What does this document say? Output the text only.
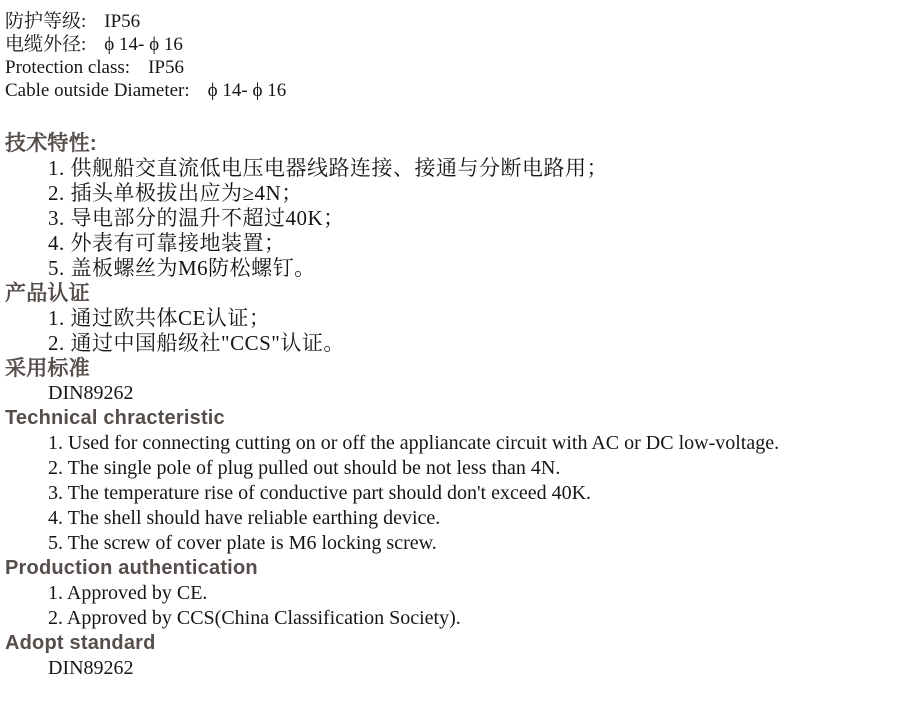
防护等级: IP56
电缆外径: ϕ 14- ϕ 16
Protection class: IP56
Cable outside Diameter: ϕ 14- ϕ 16
技术特性:
1. 供舰船交直流低电压电器线路连接、接通与分断电路用；
2. 插头单极拔出应为≥4N；
3. 导电部分的温升不超过40K；
4. 外表有可靠接地装置；
5. 盖板螺丝为M6防松螺钉。
产品认证
1. 通过欧共体CE认证；
2. 通过中国船级社"CCS"认证。
采用标准
DIN89262
Technical chracteristic
1. Used for connecting cutting on or off the appliancate circuit with AC or DC low-voltage.
2. The single pole of plug pulled out should be not less than 4N.
3. The temperature rise of conductive part should don't exceed 40K.
4. The shell should have reliable earthing device.
5. The screw of cover plate is M6 locking screw.
Production authentication
1. Approved by CE.
2. Approved by CCS(China Classification Society).
Adopt standard
DIN89262
